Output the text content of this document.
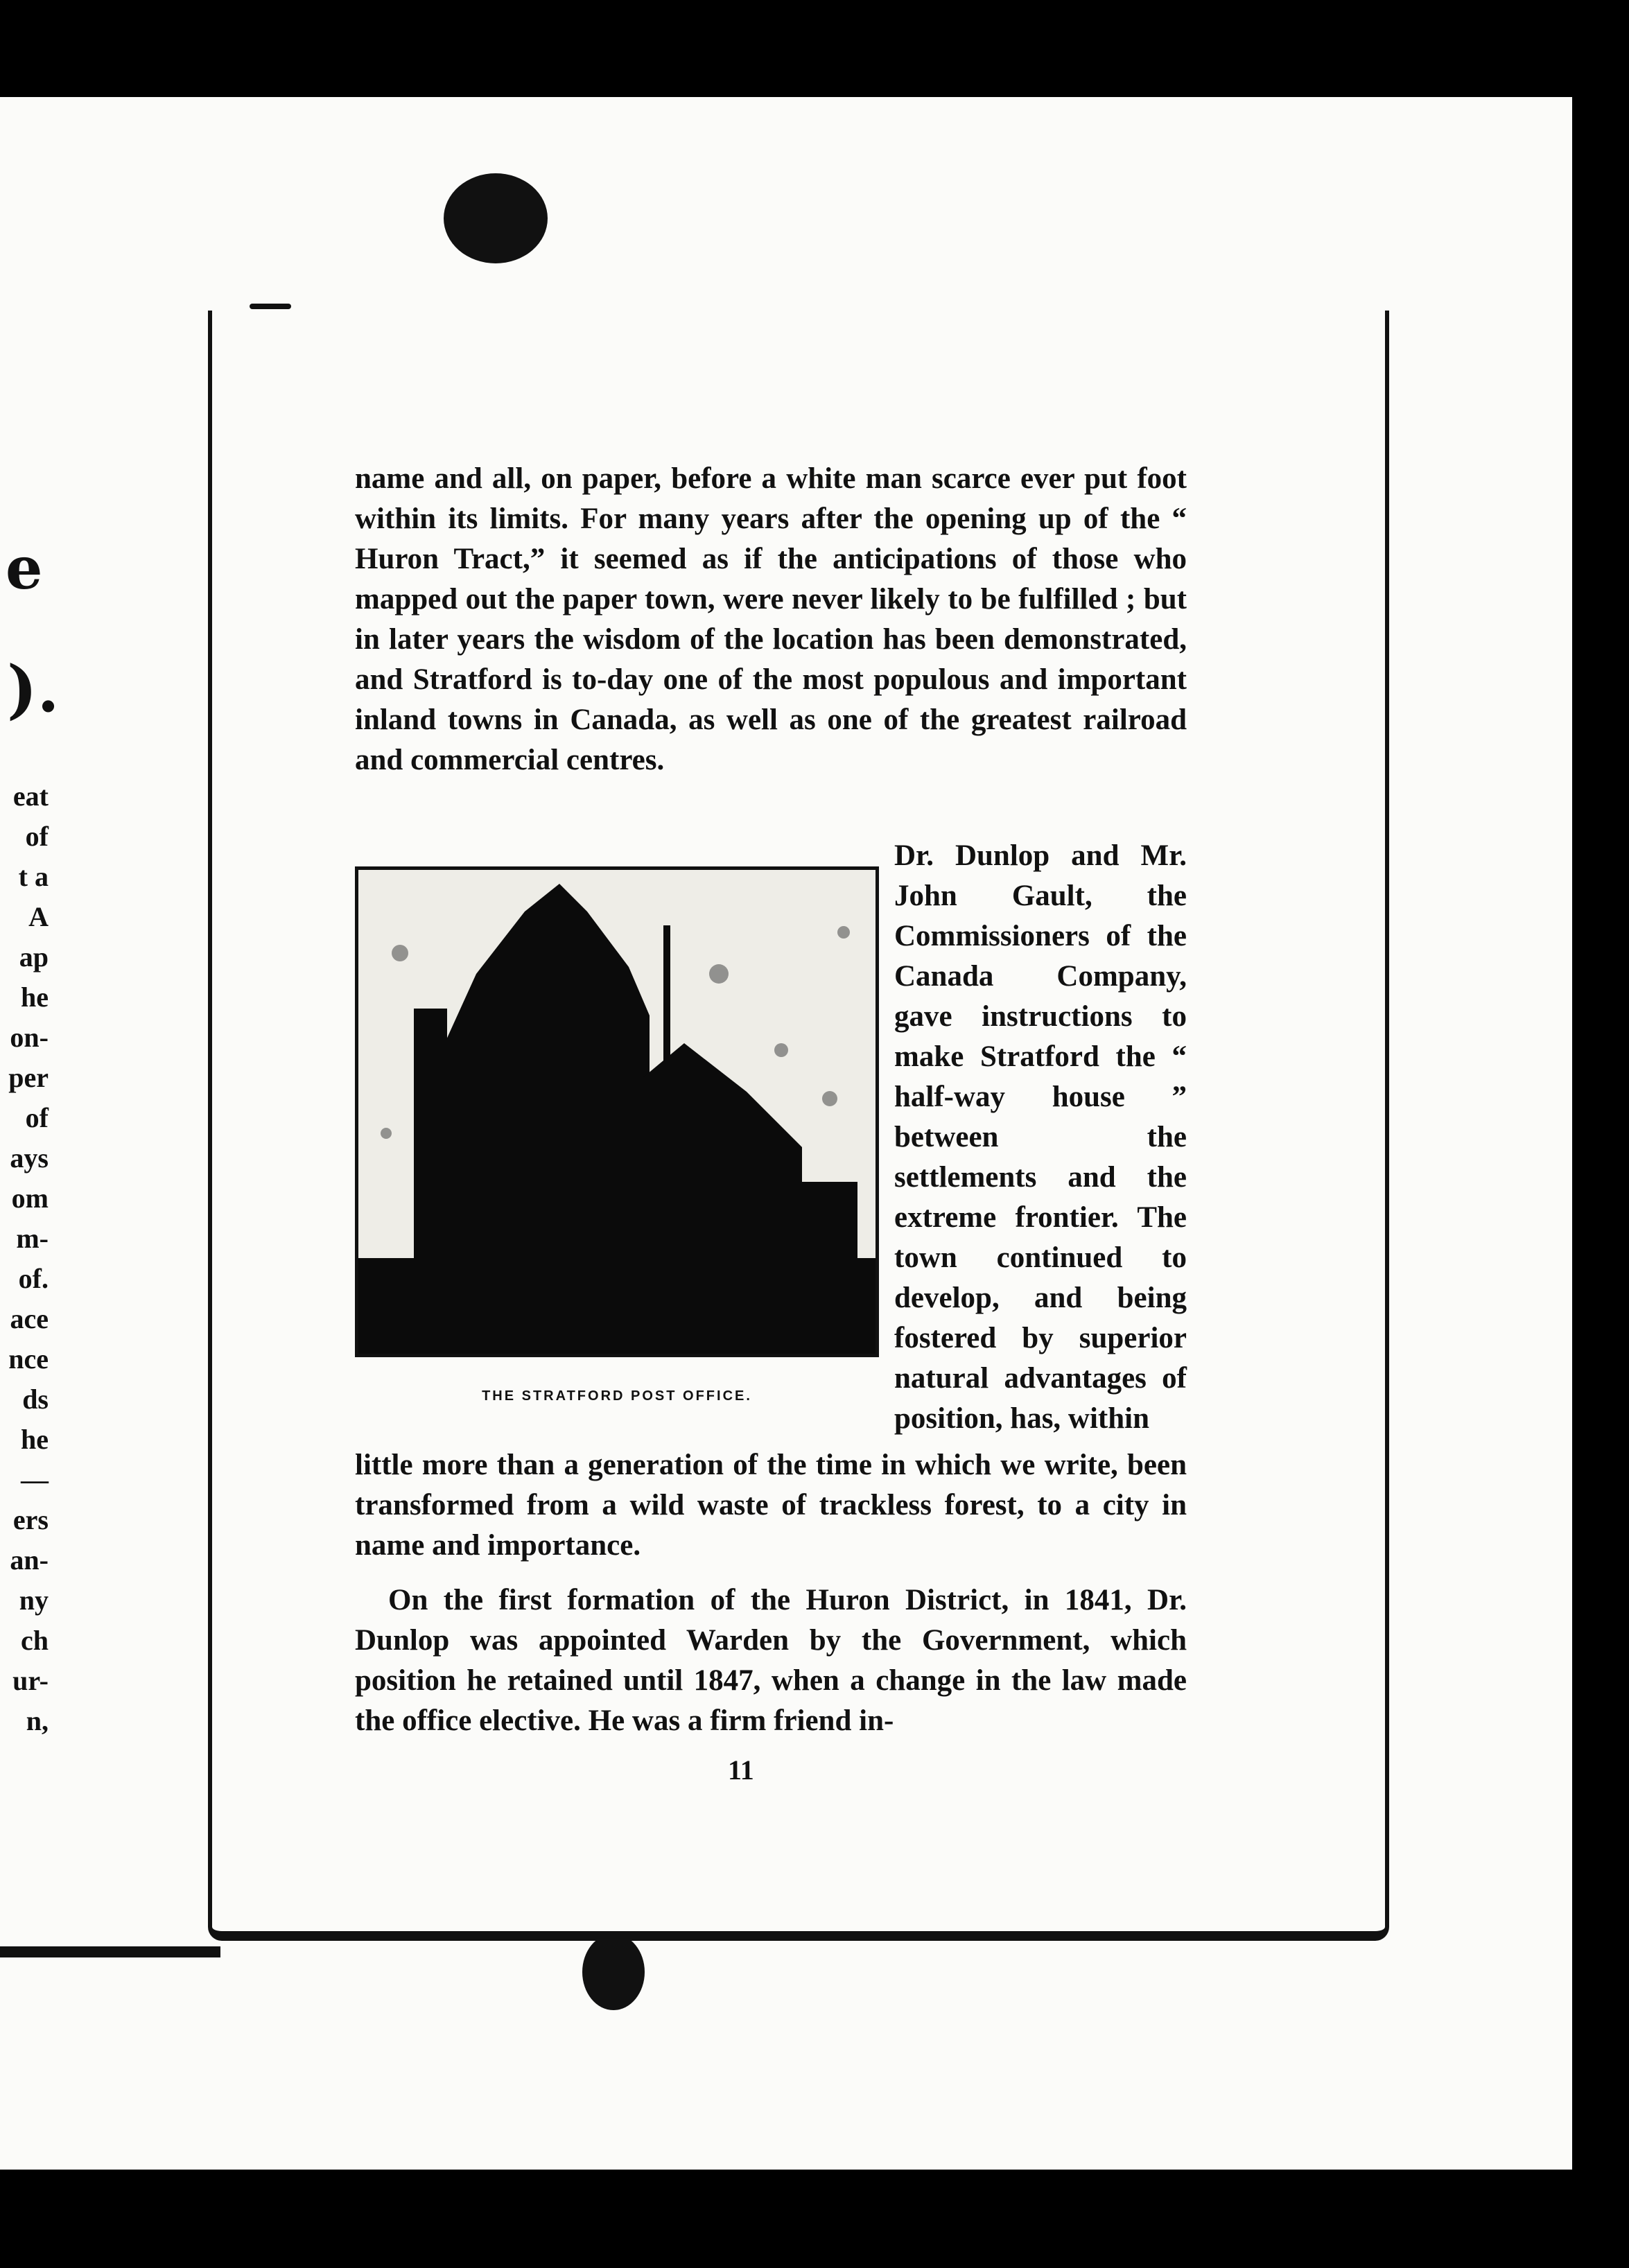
e
).
eat
of
t a
A
ap
he
on-
per
of
ays
om
m-
of.
ace
nce
ds
he
—
ers
an-
ny
ch
ur-
n,
name and all, on paper, before a white man scarce ever put foot within its limits. For many years after the opening up of the “ Huron Tract,” it seemed as if the anticipations of those who mapped out the paper town, were never likely to be fulfilled ; but in later years the wisdom of the location has been demonstrated, and Stratford is to-day one of the most populous and important inland towns in Canada, as well as one of the greatest railroad and commercial centres.
THE STRATFORD POST OFFICE.
Dr. Dunlop and Mr. John Gault, the Commissioners of the Canada Company, gave instructions to make Stratford the “ half-way house ” between the settlements and the extreme frontier. The town continued to develop, and being fostered by superior natural advantages of position, has, within
little more than a generation of the time in which we write, been transformed from a wild waste of trackless forest, to a city in name and importance.
On the first formation of the Huron District, in 1841, Dr. Dunlop was appointed Warden by the Government, which position he retained until 1847, when a change in the law made the office elective. He was a firm friend in-
11
